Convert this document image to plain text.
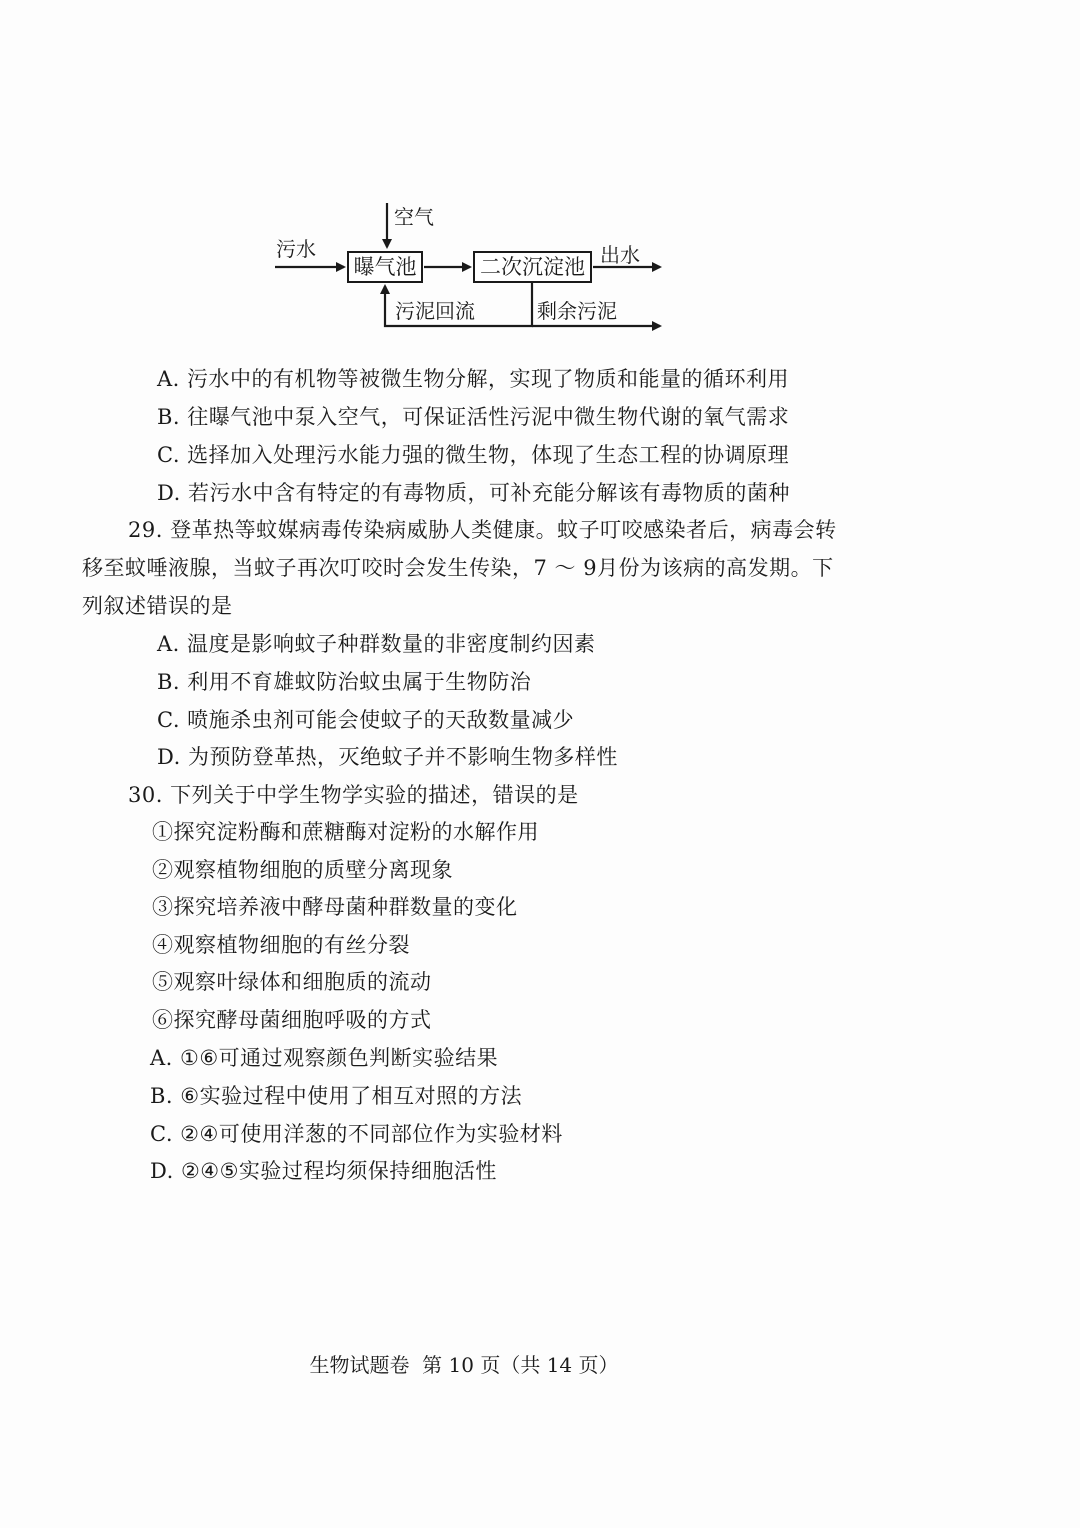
空气
污水
曝气池	二次沉淀池 出水
污泥回流	剩余污泥
A. 污水中的有机物等被微生物分解，实现了物质和能量的循环利用
B. 往曝气池中泵入空气，可保证活性污泥中微生物代谢的氧气需求
C. 选择加入处理污水能力强的微生物，体现了生态工程的协调原理
D. 若污水中含有特定的有毒物质，可补充能分解该有毒物质的菌种
29. 登革热等蚊媒病毒传染病威胁人类健康。蚊子叮咬感染者后，病毒会转
移至蚊唾液腺，当蚊子再次叮咬时会发生传染，7 ～ 9月份为该病的高发期。下
列叙述错误的是
A. 温度是影响蚊子种群数量的非密度制约因素
B. 利用不育雄蚊防治蚊虫属于生物防治
C. 喷施杀虫剂可能会使蚊子的天敌数量减少
D. 为预防登革热，灭绝蚊子并不影响生物多样性
30. 下列关于中学生物学实验的描述，错误的是
①探究淀粉酶和蔗糖酶对淀粉的水解作用
②观察植物细胞的质壁分离现象
③探究培养液中酵母菌种群数量的变化
④观察植物细胞的有丝分裂
⑤观察叶绿体和细胞质的流动
⑥探究酵母菌细胞呼吸的方式
A. ①⑥可通过观察颜色判断实验结果
B. ⑥实验过程中使用了相互对照的方法
C. ②④可使用洋葱的不同部位作为实验材料
D. ②④⑤实验过程均须保持细胞活性
生物试题卷  第 10 页（共 14 页）
